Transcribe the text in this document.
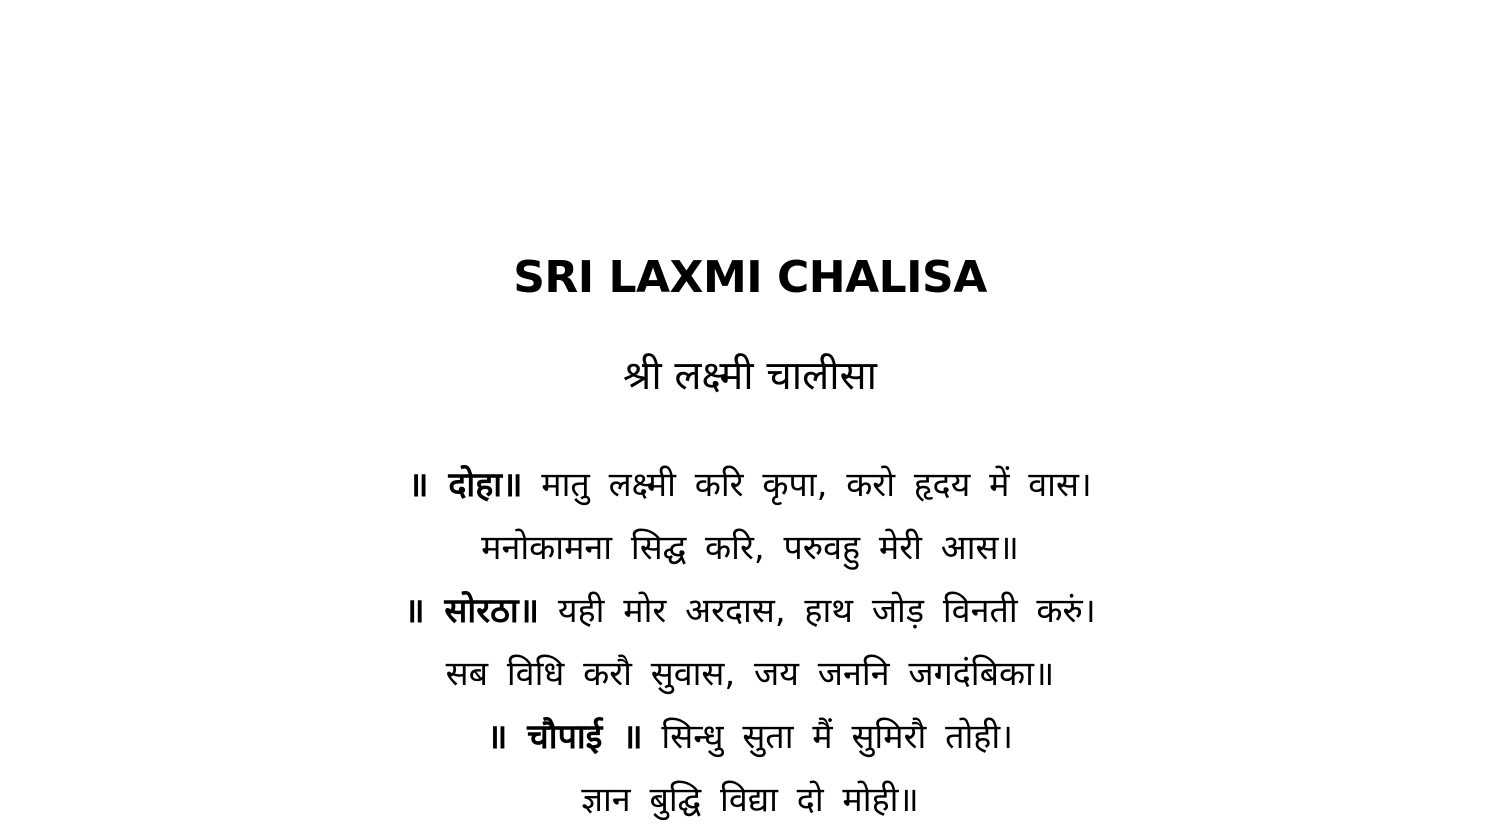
SRI LAXMI CHALISA
श्री लक्ष्मी चालीसा
॥ दोहा॥ मातु लक्ष्मी करि कृपा, करो हृदय में वास।
मनोकामना सिद्घ करि, परुवहु मेरी आस॥
॥ सोरठा॥ यही मोर अरदास, हाथ जोड़ विनती करुं।
सब विधि करौ सुवास, जय जननि जगदंबिका॥
॥ चौपाई ॥ सिन्धु सुता मैं सुमिरौ तोही।
ज्ञान बुद्घि विद्या दो मोही॥
